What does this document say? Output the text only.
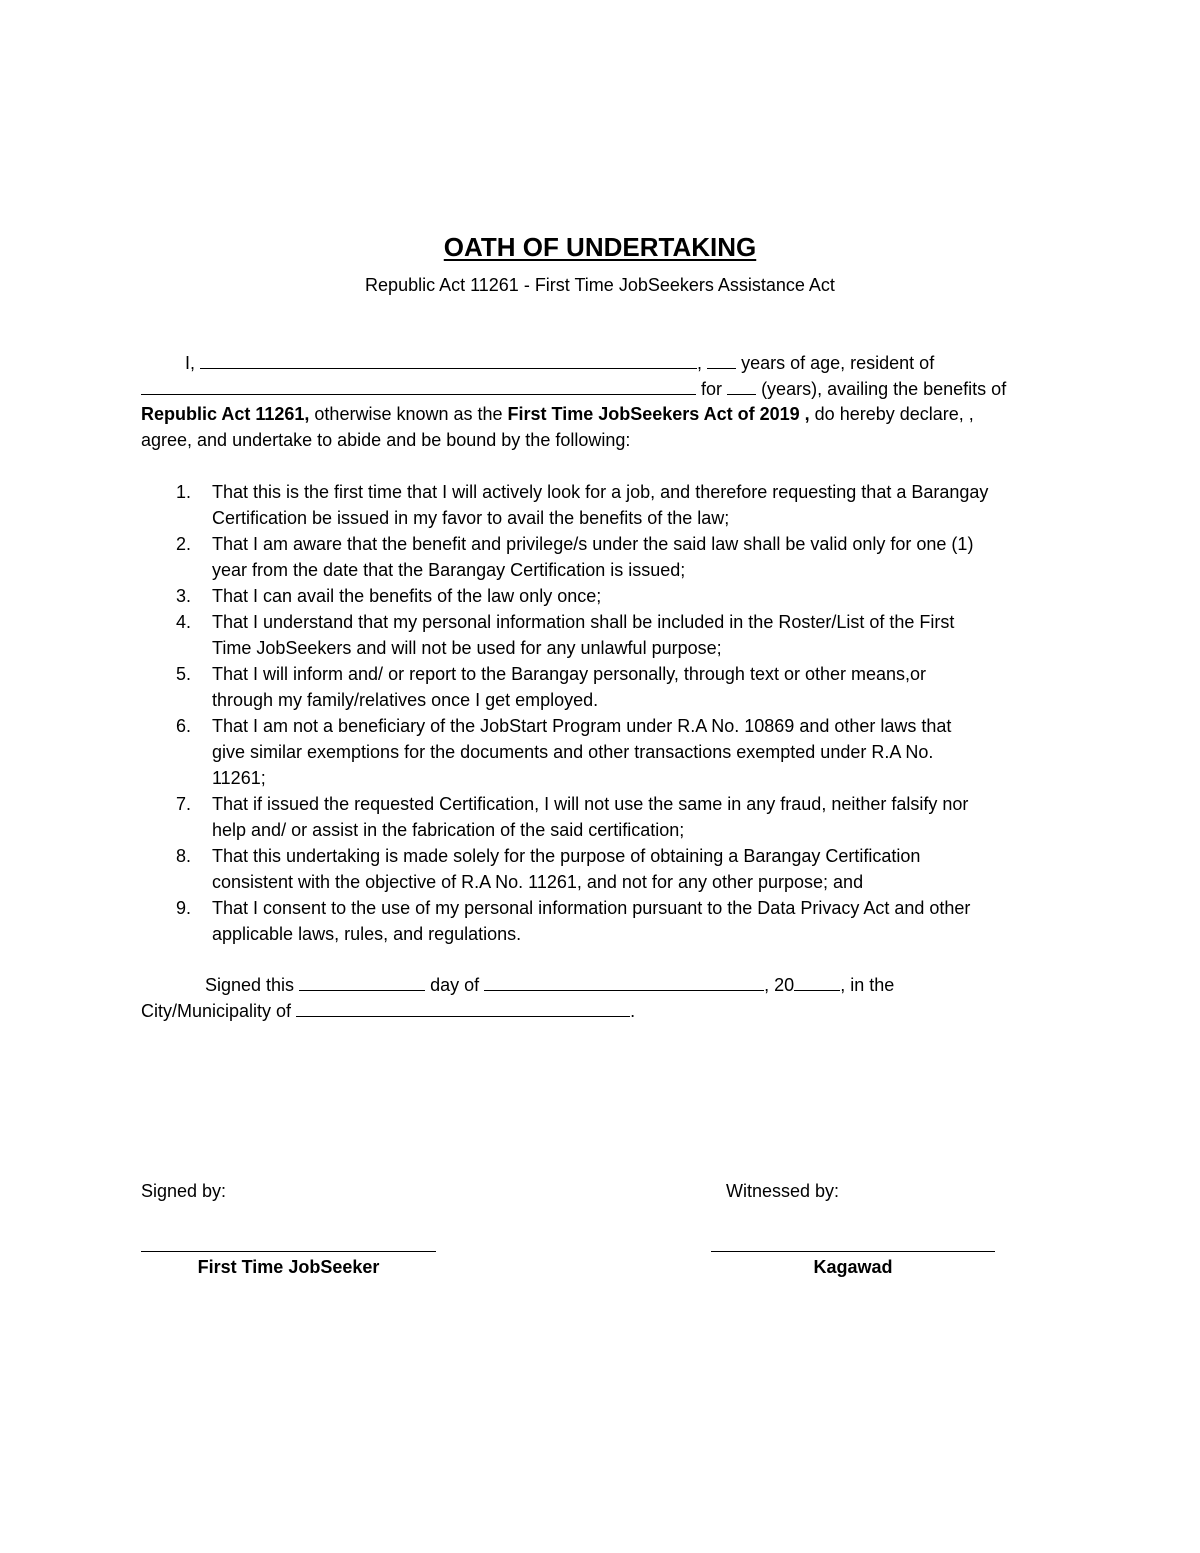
OATH OF UNDERTAKING
Republic Act 11261 - First Time JobSeekers Assistance Act
I,	, years of age, resident of
for (years), availing the benefits of
Republic Act 11261, otherwise known as the First Time JobSeekers Act of 2019 , do hereby declare, ,
agree, and undertake to abide and be bound by the following:
1. That this is the first time that I will actively look for a job, and therefore requesting that a Barangay
Certification be issued in my favor to avail the benefits of the law;
2. That I am aware that the benefit and privilege/s under the said law shall be valid only for one (1)
year from the date that the Barangay Certification is issued;
3. That I can avail the benefits of the law only once;
4. That I understand that my personal information shall be included in the Roster/List of the First
Time JobSeekers and will not be used for any unlawful purpose;
5. That I will inform and/ or report to the Barangay personally, through text or other means,or
through my family/relatives once I get employed.
6. That I am not a beneficiary of the JobStart Program under R.A No. 10869 and other laws that
give similar exemptions for the documents and other transactions exempted under R.A No.
11261;
7. That if issued the requested Certification, I will not use the same in any fraud, neither falsify nor
help and/ or assist in the fabrication of the said certification;
8. That this undertaking is made solely for the purpose of obtaining a Barangay Certification
consistent with the objective of R.A No. 11261, and not for any other purpose; and
9. That I consent to the use of my personal information pursuant to the Data Privacy Act and other
applicable laws, rules, and regulations.
Signed this	day of	, 20	, in the
City/Municipality of	.
Signed by:	Witnessed by:
First Time JobSeeker	Kagawad
